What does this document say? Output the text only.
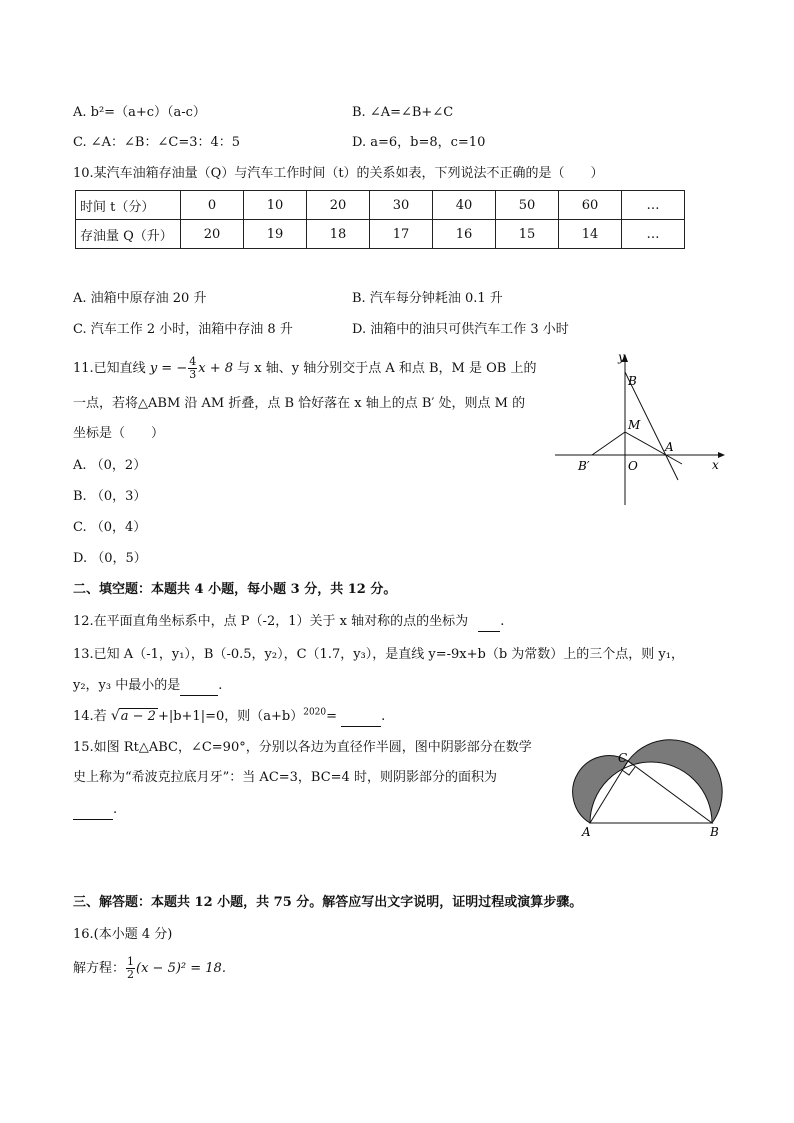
A. b²=（a+c）（a-c）	B. ∠A=∠B+∠C
C. ∠A：∠B：∠C=3：4：5	D. a=6，b=8，c=10
10.某汽车油箱存油量（Q）与汽车工作时间（t）的关系如表，下列说法不正确的是（　　）
时间 t（分）	0	10	20	30	40	50	60	…
存油量 Q（升）	20	19	18	17	16	15	14	…
A. 油箱中原存油 20 升	B. 汽车每分钟耗油 0.1 升
C. 汽车工作 2 小时，油箱中存油 8 升	D. 油箱中的油只可供汽车工作 3 小时
11.已知直线 y = − $\frac{4}{3}$ x + 8 与 x 轴、y 轴分别交于点 A 和点 B，M 是 OB 上的
一点，若将△ABM 沿 AM 折叠，点 B 恰好落在 x 轴上的点 B′ 处，则点 M 的
坐标是（　　）
A. （0，2）
B. （0，3）
C. （0，4）
D. （0，5）
y
x
B
M
A
B′	O
二、填空题：本题共 4 小题，每小题 3 分，共 12 分。
12.在平面直角坐标系中，点 P（-2，1）关于 x 轴对称的点的坐标为 .
13.已知 A（-1，y₁），B（-0.5，y₂），C（1.7，y₃），是直线 y=-9x+b（b 为常数）上的三个点，则 y₁，
y₂，y₃ 中最小的是	.
14.若 √a − 2 +|b+1|=0，则$(a+b)^{2020}=$	.
15.如图 Rt△ABC，∠C=90°，分别以各边为直径作半圆，图中阴影部分在数学
史上称为“希波克拉底月牙”：当 AC=3，BC=4 时，则阴影部分的面积为
.
A	B
C
三、解答题：本题共 12 小题，共 75 分。解答应写出文字说明，证明过程或演算步骤。
16.(本小题 4 分)
解方程： $\frac{1}{2} (x - 5)^2 = 18$.
